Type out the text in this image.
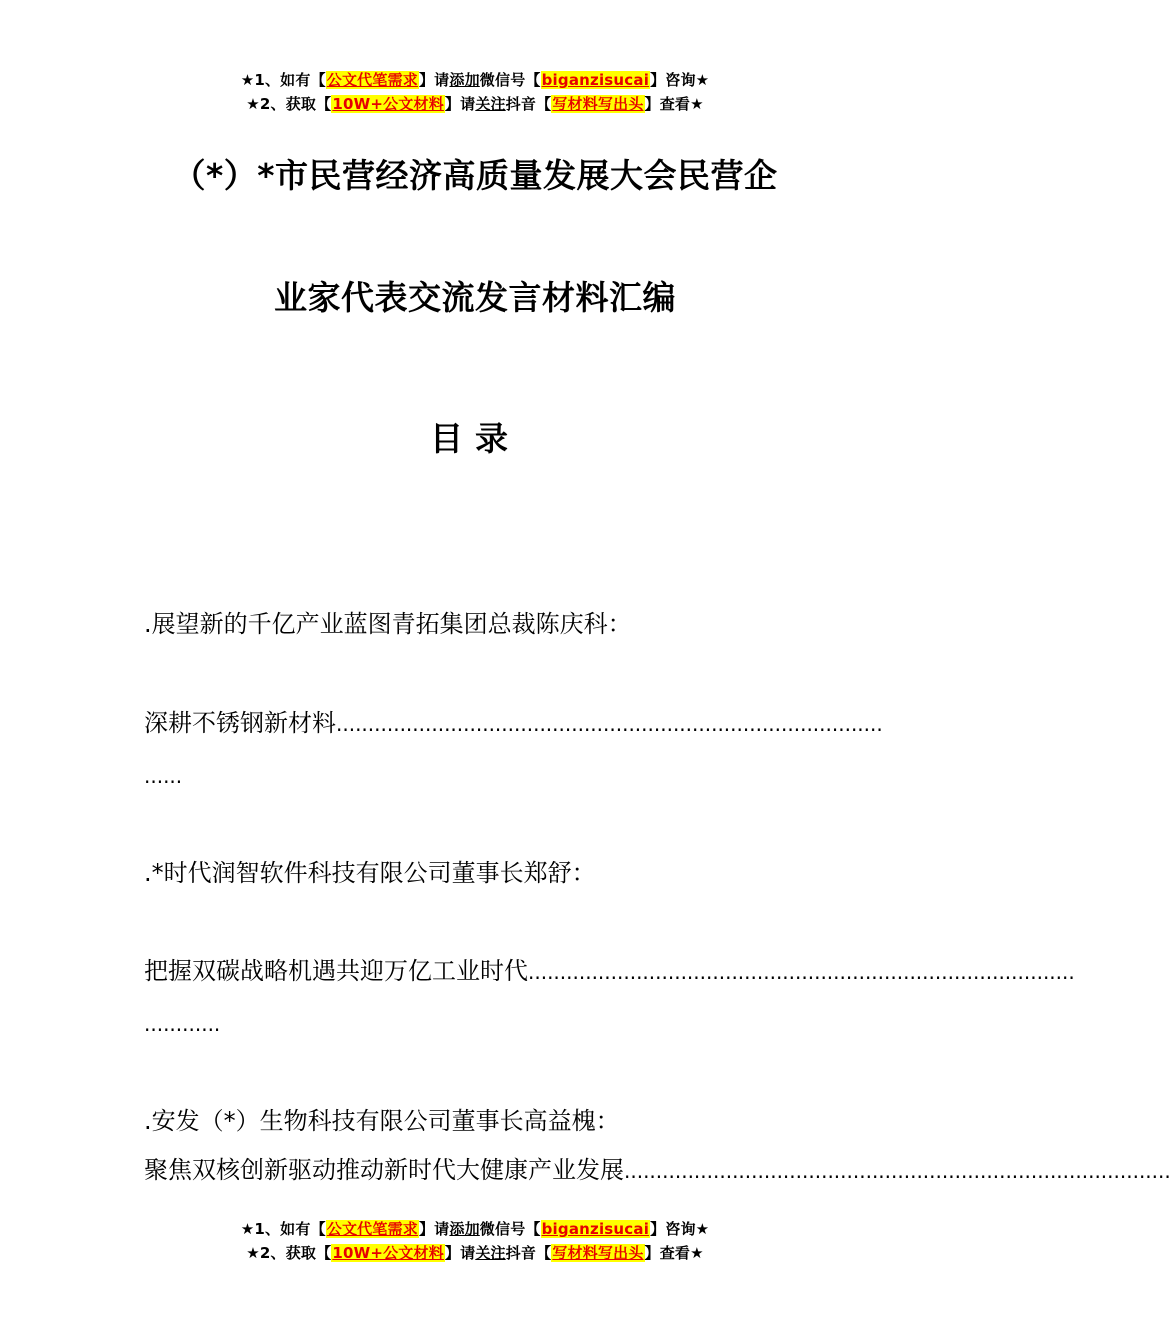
★1、如有【公文代笔需求】请添加微信号【biganzisucai】咨询★
★2、获取【10W+公文材料】请关注抖音【写材料写出头】查看★
（*）*市民营经济高质量发展大会民营企
业家代表交流发言材料汇编
目录
.展望新的千亿产业蓝图青拓集团总裁陈庆科：
深耕不锈钢新材料 ......................................................................................
......
.*时代润智软件科技有限公司董事长郑舒：
把握双碳战略机遇共迎万亿工业时代 ......................................................................................
............
.安发（*）生物科技有限公司董事长高益槐：
聚焦双核创新驱动推动新时代大健康产业发展 ......................................................................................
★1、如有【公文代笔需求】请添加微信号【biganzisucai】咨询★
★2、获取【10W+公文材料】请关注抖音【写材料写出头】查看★
